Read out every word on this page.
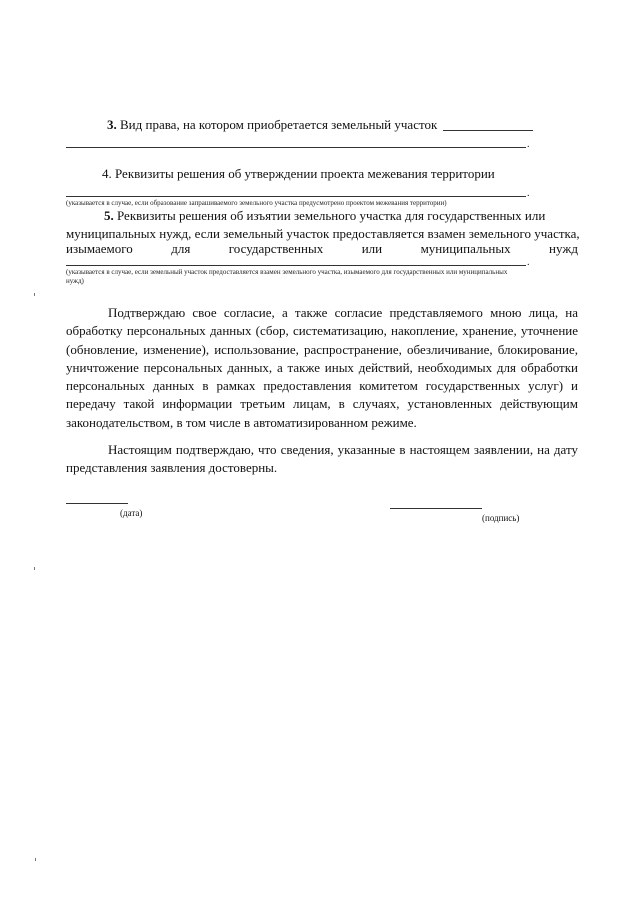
3. Вид права, на котором приобретается земельный участок
.
4. Реквизиты решения об утверждении проекта межевания территории
.
(указывается в случае, если образование запрашиваемого земельного участка предусмотрено проектом межевания территории)
5. Реквизиты решения об изъятии земельного участка для государственных или
муниципальных нужд, если земельный участок предоставляется взамен земельного участка,
изымаемого	для	государственных	или	муниципальных	нужд
.
(указывается в случае, если земельный участок предоставляется взамен земельного участка, изымаемого для государственных или муниципальных
нужд)
Подтверждаю свое согласие, а также согласие представляемого мною лица, на обработку персональных данных (сбор, систематизацию, накопление, хранение, уточнение (обновление, изменение), использование, распространение, обезличивание, блокирование, уничтожение персональных данных, а также иных действий, необходимых для обработки персональных данных в рамках предоставления комитетом государственных услуг) и передачу такой информации третьим лицам, в случаях, установленных действующим законодательством, в том числе в автоматизированном режиме.
Настоящим подтверждаю, что сведения, указанные в настоящем заявлении, на дату представления заявления достоверны.
(дата)	(подпись)
